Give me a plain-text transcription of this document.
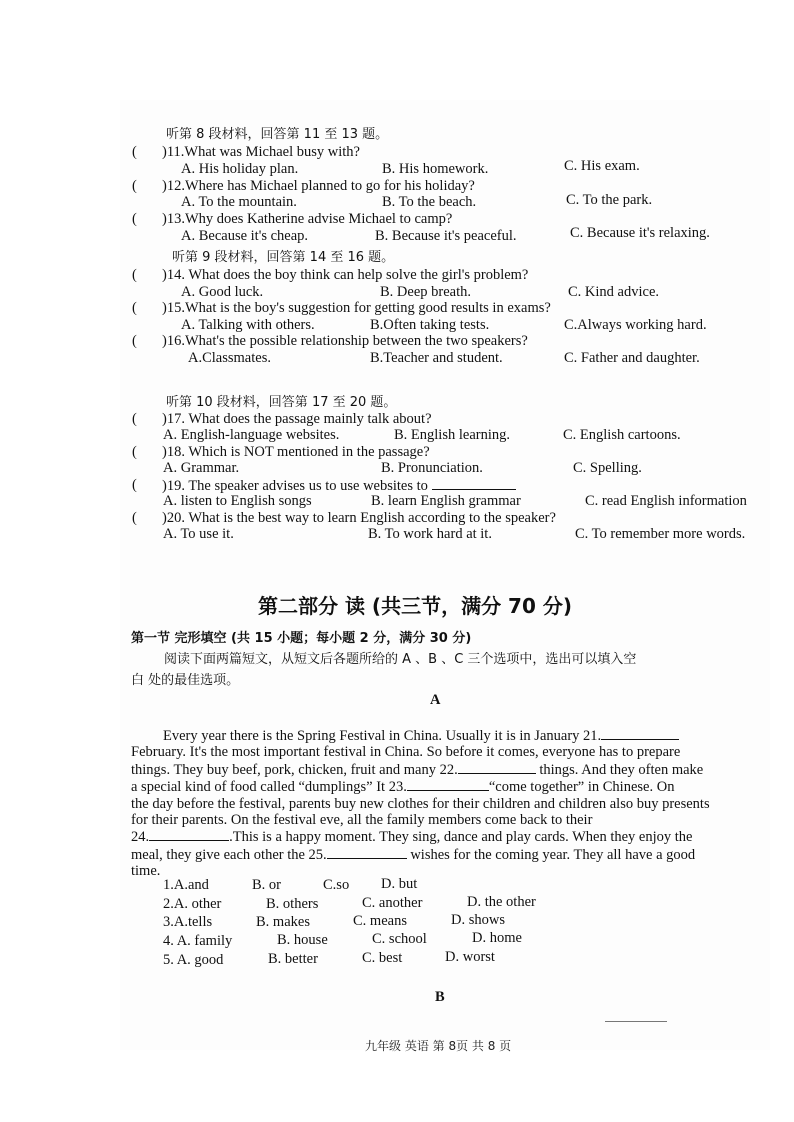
听第 8 段材料，回答第 11 至 13 题。
( )11.What was Michael busy with?
A. His holiday plan.	B. His homework.	C. His exam.
( )12.Where has Michael planned to go for his holiday?
A. To the mountain.	B. To the beach.	C. To the park.
( )13.Why does Katherine advise Michael to camp?
A. Because it's cheap.	B. Because it's peaceful.	C. Because it's relaxing.
听第 9 段材料，回答第 14 至 16 题。
( )14. What does the boy think can help solve the girl's problem?
A. Good luck.	B. Deep breath.	C. Kind advice.
( )15.What is the boy's suggestion for getting good results in exams?
A. Talking with others.	B.Often taking tests.	C.Always working hard.
( )16.What's the possible relationship between the two speakers?
A.Classmates.	B.Teacher and student.	C. Father and daughter.
听第 10 段材料，回答第 17 至 20 题。
( )17. What does the passage mainly talk about?
A. English-language websites.	B. English learning.	C. English cartoons.
( )18. Which is NOT mentioned in the passage?
A. Grammar.	B. Pronunciation.	C. Spelling.
( )19. The speaker advises us to use websites to
A. listen to English songs	B. learn English grammar	C. read English information
( )20. What is the best way to learn English according to the speaker?
A. To use it.	B. To work hard at it.	C. To remember more words.
第二部分 读 (共三节，满分 70 分)
第一节 完形填空 (共 15 小题；每小题 2 分，满分 30 分)
阅读下面两篇短文，从短文后各题所给的 A 、B 、C 三个选项中，选出可以填入空
白 处的最佳选项。
A

Every year there is the Spring Festival in China. Usually it is in January 21.

February. It's the most important festival in China. So before it comes, everyone has to prepare

things. They buy beef, pork, chicken, fruit and many 22.	things. And they often make

a special kind of food called “dumplings” It 23.	“come together” in Chinese. On

the day before the festival, parents buy new clothes for their children and children also buy presents

for their parents. On the festival eve, all the family members come back to their

24.	.This is a happy moment. They sing, dance and play cards. When they enjoy the

meal, they give each other the 25.	wishes for the coming year. They all have a good

time.

1.A.and	B. or	C.so D. but
2.A. other	B. others	C. another	D. the other
3.A.tells	B. makes	C. means	D. shows
4. A. family	B. house	C. school	D. home
5. A. good	B. better	C. best	D. worst
B
九年级 英语 第 8页 共 8 页
